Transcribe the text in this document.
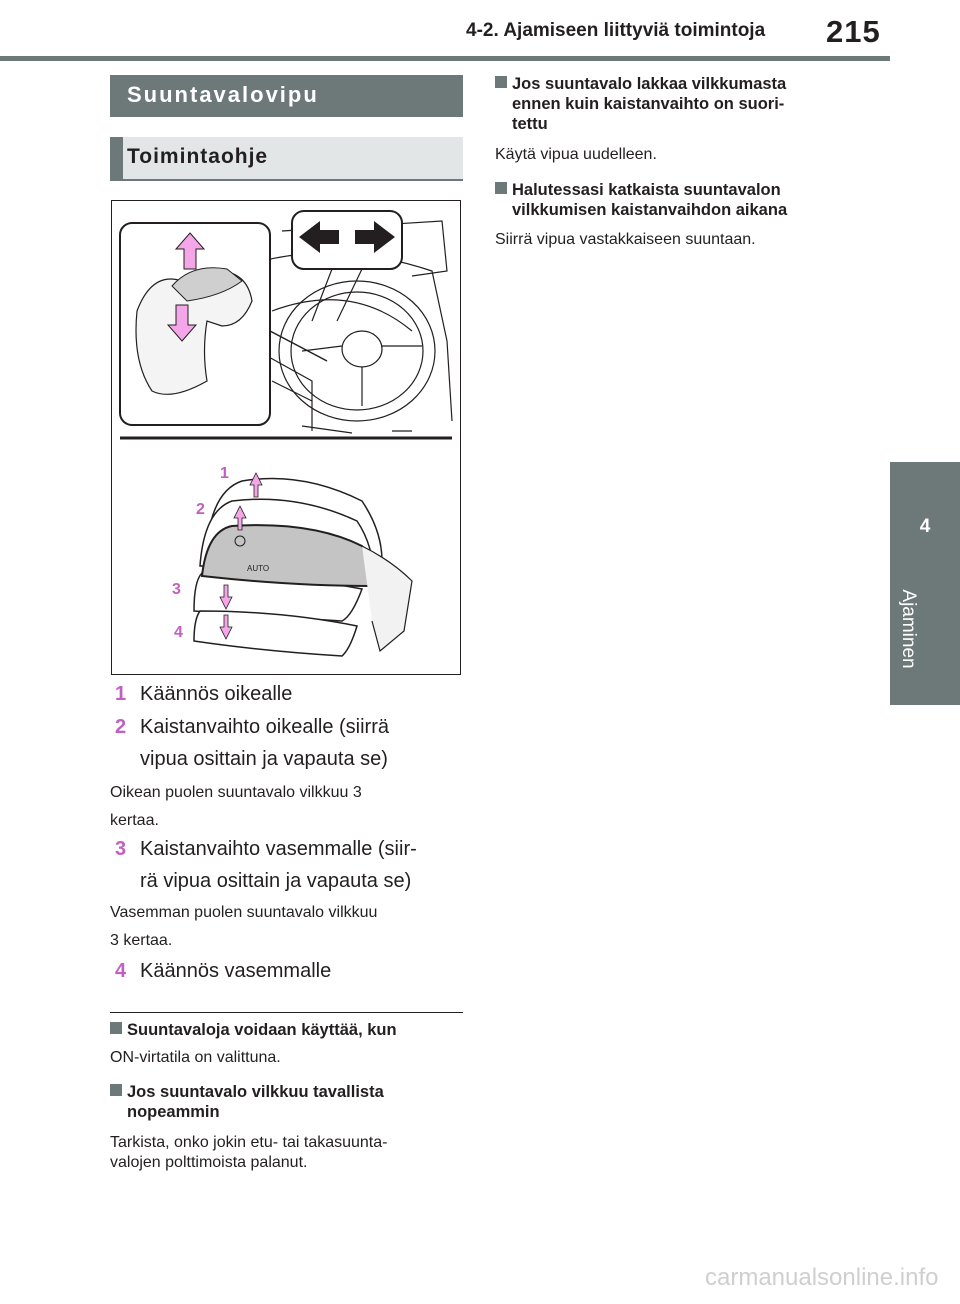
4-2. Ajamiseen liittyviä toimintoja 215
4
Ajaminen
Suuntavalovipu
Toimintaohje
AUTO
1
2
3
4
1 Käännös oikealle
2 Kaistanvaihto oikealle (siirrä
vipua osittain ja vapauta se)
Oikean puolen suuntavalo vilkkuu 3
kertaa.
3 Kaistanvaihto vasemmalle (siir-
rä vipua osittain ja vapauta se)
Vasemman puolen suuntavalo vilkkuu
3 kertaa.
4 Käännös vasemmalle
Suuntavaloja voidaan käyttää, kun
ON-virtatila on valittuna.
Jos suuntavalo vilkkuu tavallista
nopeammin
Tarkista, onko jokin etu- tai takasuunta-
valojen polttimoista palanut.
Jos suuntavalo lakkaa vilkkumasta
ennen kuin kaistanvaihto on suori-
tettu
Käytä vipua uudelleen.
Halutessasi katkaista suuntavalon
vilkkumisen kaistanvaihdon aikana
Siirrä vipua vastakkaiseen suuntaan.
carmanualsonline.info
